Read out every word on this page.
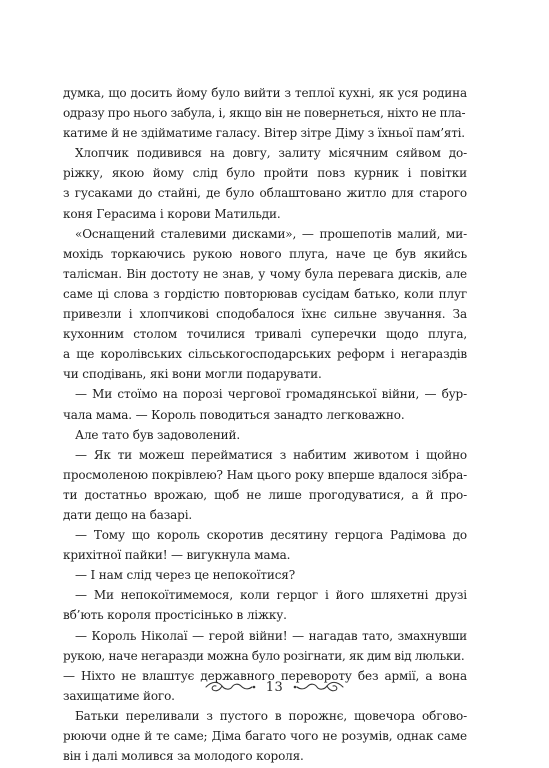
думка, що досить йому було вийти з теплої кухні, як уся родина

одразу про нього забула, і, якщо він не повернеться, ніхто не пла-

катиме й не здійматиме галасу. Вітер зітре Діму з їхньої пам’яті.

Хлопчик подивився на довгу, залиту місячним сяйвом до-

ріжку, якою йому слід було пройти повз курник і повітки

з гусаками до стайні, де було облаштовано житло для старого

коня Герасима і корови Матильди.

«Оснащений сталевими дисками», — прошепотів малий, ми-

мохідь торкаючись рукою нового плуга, наче це був якийсь

талісман. Він достоту не знав, у чому була перевага дисків, але

саме ці слова з гордістю повторював сусідам батько, коли плуг

привезли і хлопчикові сподобалося їхнє сильне звучання. За

кухонним столом точилися тривалі суперечки щодо плуга,

а ще королівських сільськогосподарських реформ і негараздів

чи сподівань, які вони могли подарувати.

— Ми стоїмо на порозі чергової громадянської війни, — бур-

чала мама. — Король поводиться занадто легковажно.

Але тато був задоволений.

— Як ти можеш перейматися з набитим животом і щойно

просмоленою покрівлею? Нам цього року вперше вдалося зібра-

ти достатньо врожаю, щоб не лише прогодуватися, а й про-

дати дещо на базарі.

— Тому що король скоротив десятину герцога Радімова до

крихітної пайки! — вигукнула мама.

— І нам слід через це непокоїтися?

— Ми непокоїтимемося, коли герцог і його шляхетні друзі

вб’ють короля простісінько в ліжку.

— Король Ніколаї — герой війни! — нагадав тато, змахнувши

рукою, наче негаразди можна було розігнати, як дим від люльки.

— Ніхто не влаштує державного перевороту без армії, а вона

захищатиме його.

Батьки переливали з пустого в порожнє, щовечора обгово-

рюючи одне й те саме; Діма багато чого не розумів, однак саме

він і далі молився за молодого короля.

13
